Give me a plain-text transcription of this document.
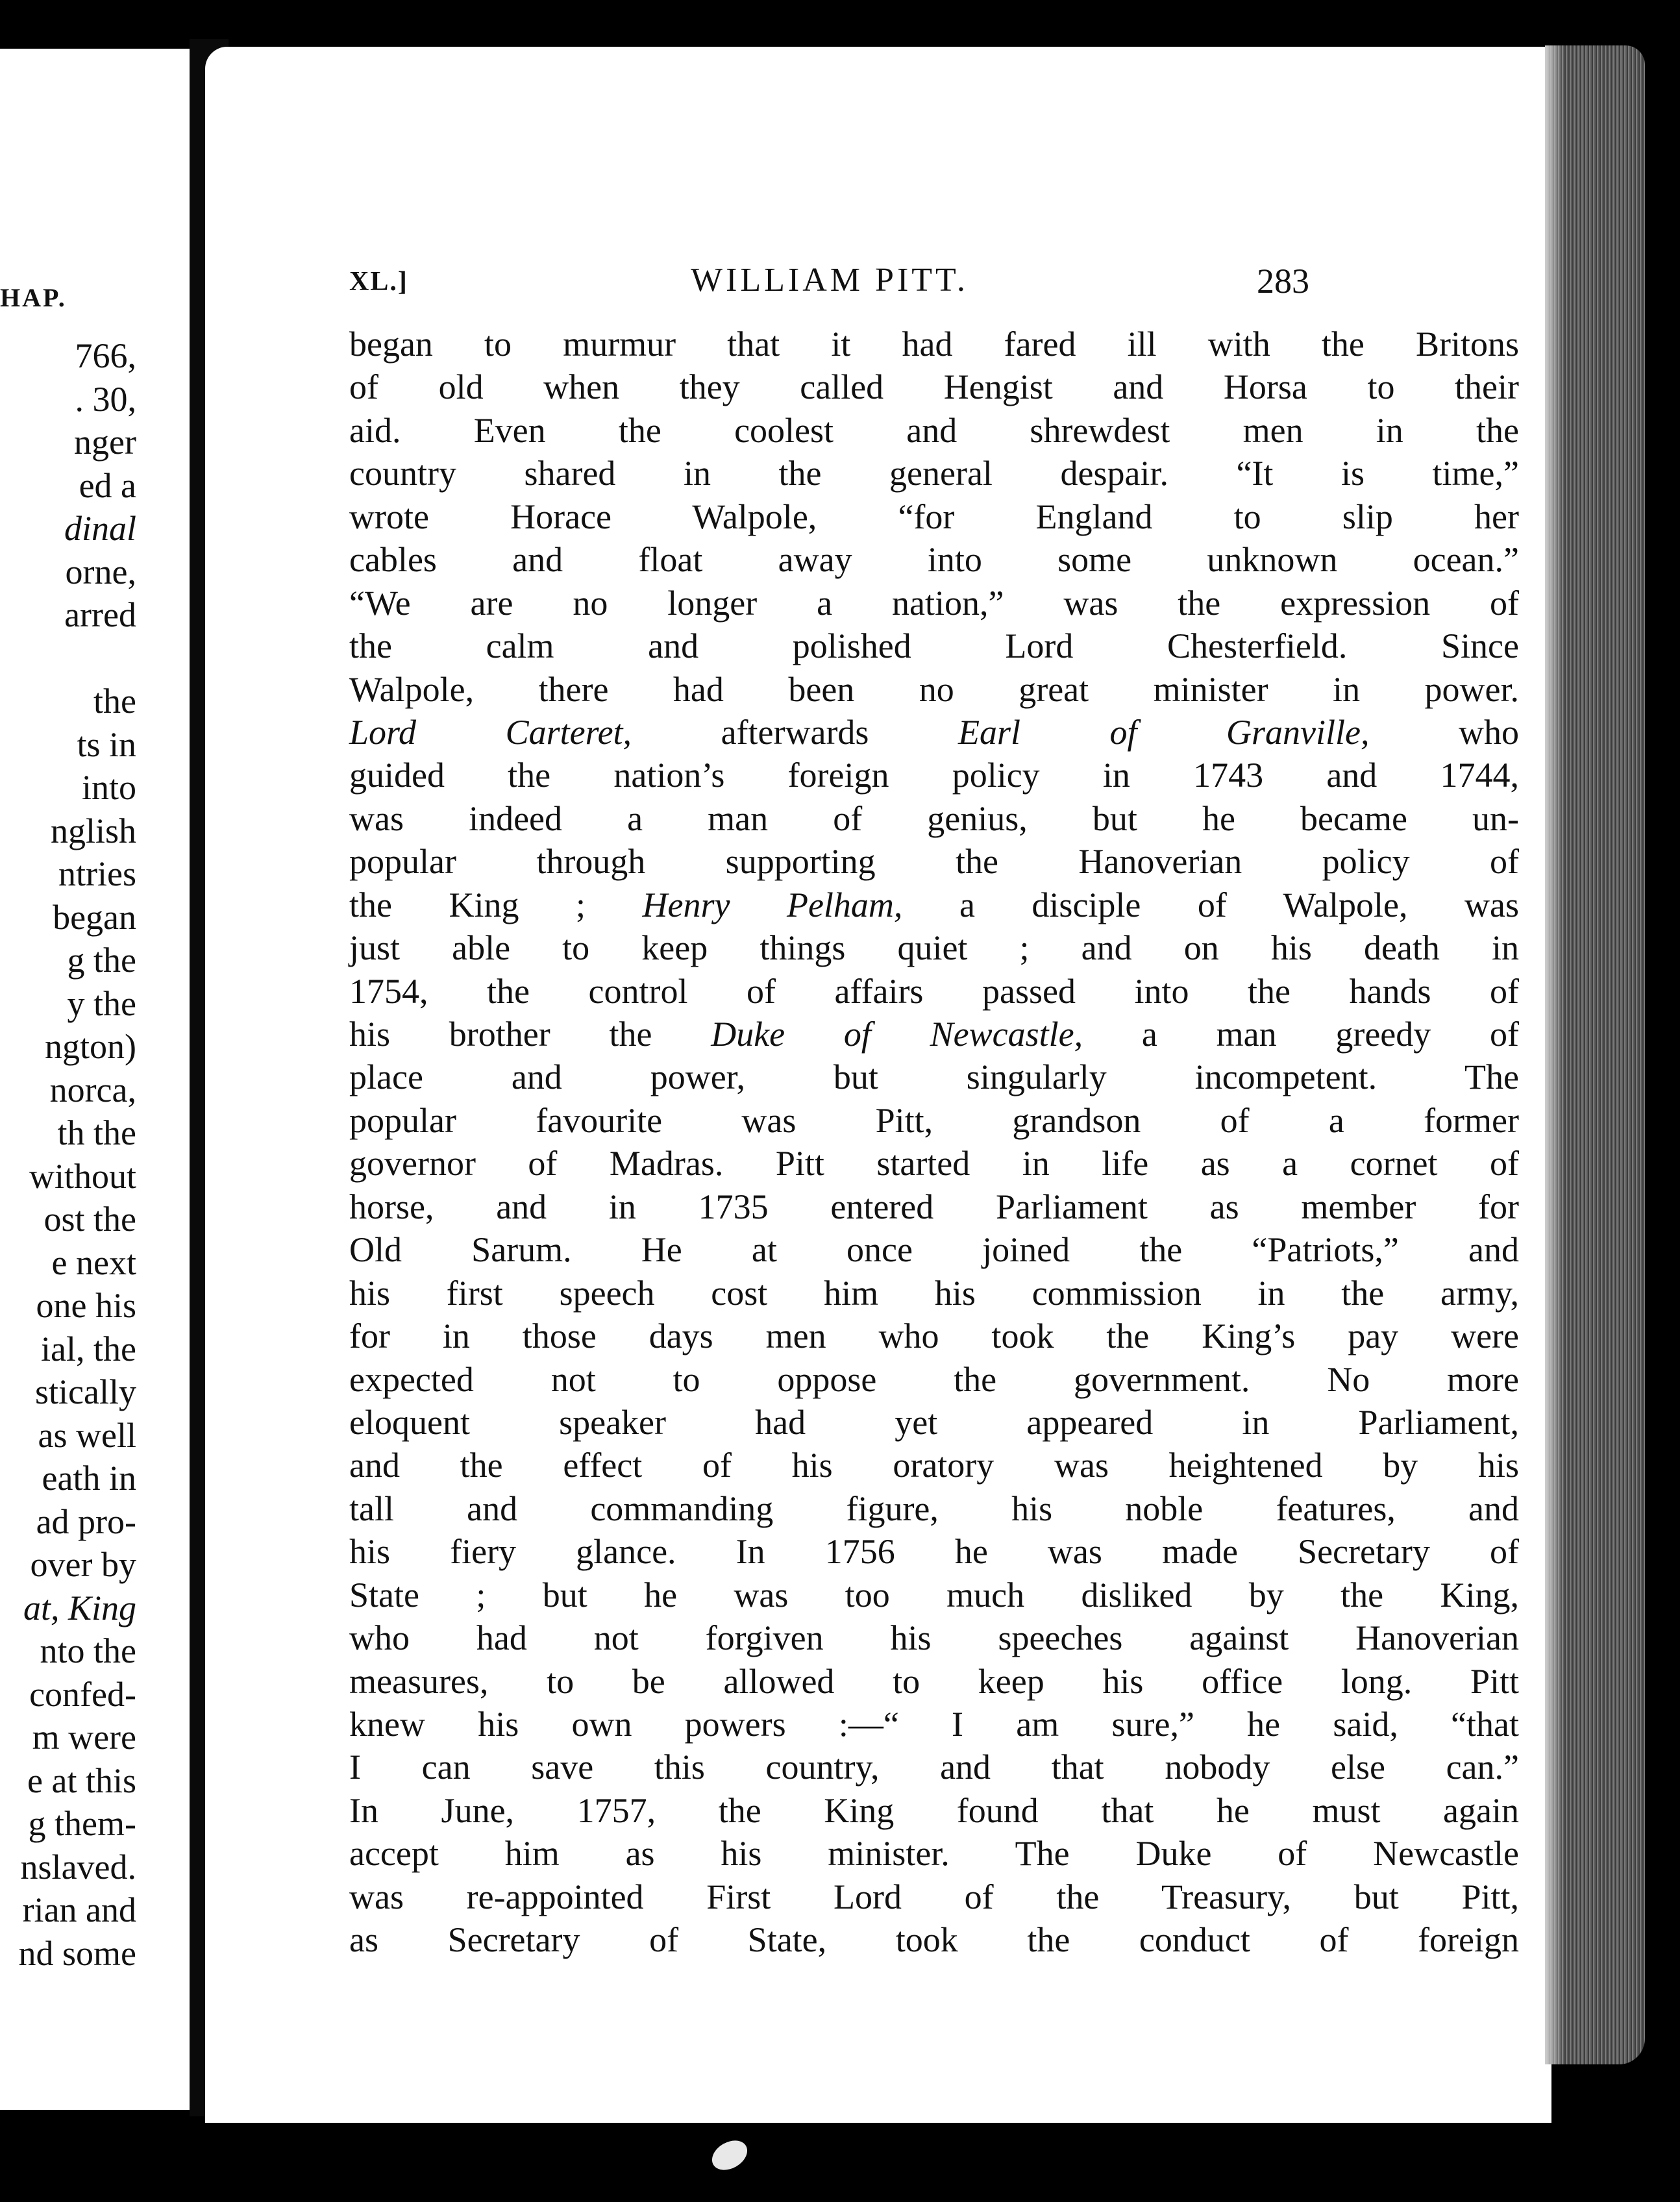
HAP.
766,
. 30,
nger
ed a
dinal
orne,
arred
the
ts in
into
nglish
ntries
began
g the
y the
ngton)
norca,
th the
without
ost the
e next
one his
ial, the
stically
as well
eath in
ad pro-
over by
at, King
nto the
confed-
m were
e at this
g them-
nslaved.
rian and
nd some
XL.]	WILLIAM PITT.	283
began to murmur that it had fared ill with the Britons
of old when they called Hengist and Horsa to their
aid. Even the coolest and shrewdest men in the
country shared in the general despair. “It is time,”
wrote Horace Walpole, “for England to slip her
cables and float away into some unknown ocean.”
“We are no longer a nation,” was the expression of
the calm and polished Lord Chesterfield. Since
Walpole, there had been no great minister in power.
Lord Carteret, afterwards Earl of Granville, who
guided the nation’s foreign policy in 1743 and 1744,
was indeed a man of genius, but he became un-
popular through supporting the Hanoverian policy of
the King ; Henry Pelham, a disciple of Walpole, was
just able to keep things quiet ; and on his death in
1754, the control of affairs passed into the hands of
his brother the Duke of Newcastle, a man greedy of
place and power, but singularly incompetent. The
popular favourite was Pitt, grandson of a former
governor of Madras. Pitt started in life as a cornet of
horse, and in 1735 entered Parliament as member for
Old Sarum. He at once joined the “Patriots,” and
his first speech cost him his commission in the army,
for in those days men who took the King’s pay were
expected not to oppose the government. No more
eloquent speaker had yet appeared in Parliament,
and the effect of his oratory was heightened by his
tall and commanding figure, his noble features, and
his fiery glance. In 1756 he was made Secretary of
State ; but he was too much disliked by the King,
who had not forgiven his speeches against Hanoverian
measures, to be allowed to keep his office long. Pitt
knew his own powers :—“ I am sure,” he said, “that
I can save this country, and that nobody else can.”
In June, 1757, the King found that he must again
accept him as his minister. The Duke of Newcastle
was re-appointed First Lord of the Treasury, but Pitt,
as Secretary of State, took the conduct of foreign
